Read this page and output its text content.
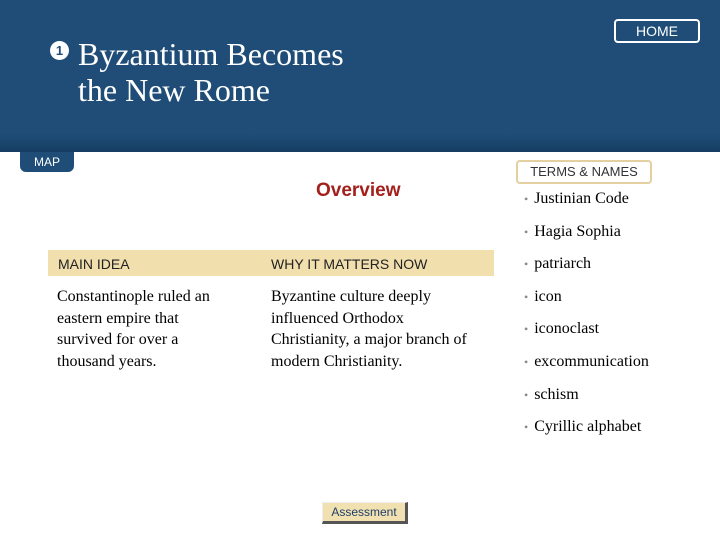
1 Byzantium Becomes
the New Rome
HOME
MAP
Overview
TERMS & NAMES
• Justinian Code
• Hagia Sophia
• patriarch
• icon
• iconoclast
• excommunication
• schism
• Cyrillic alphabet
MAIN IDEA	WHY IT MATTERS NOW

Constantinople ruled an eastern empire that survived for over a thousand years.

Byzantine culture deeply influenced Orthodox Christianity, a major branch of modern Christianity.

Assessment
